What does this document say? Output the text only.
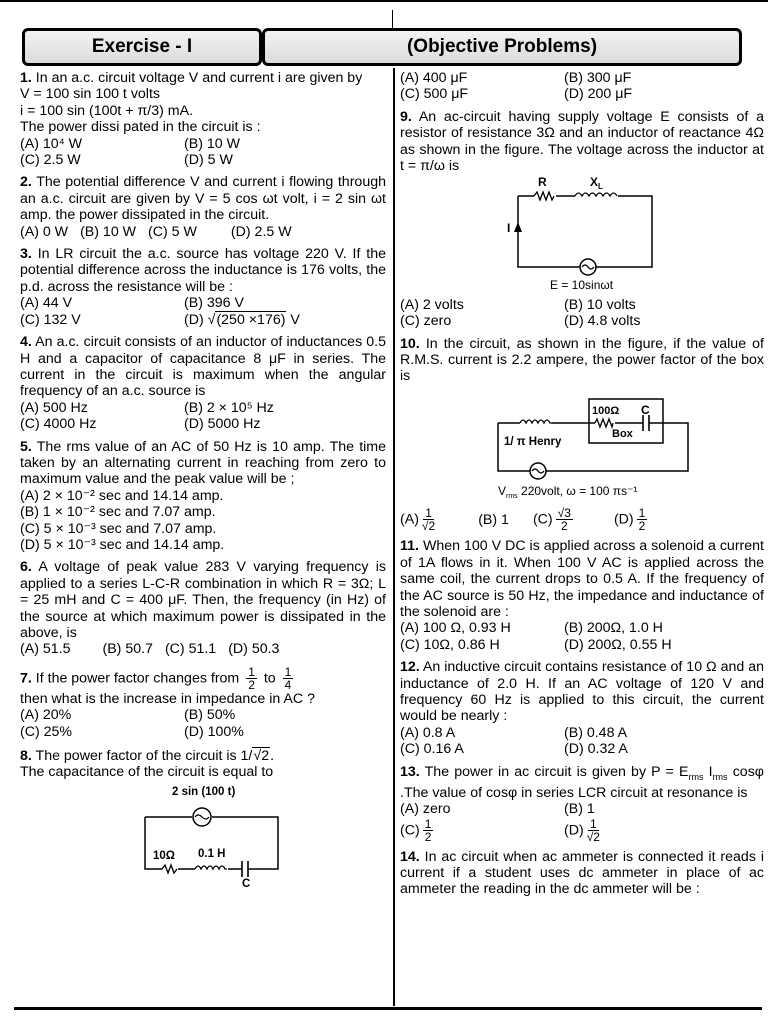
Exercise - I	(Objective Problems)

1. In an a.c. circuit voltage V and current i are given by

V = 100 sin 100 t volts

i = 100 sin (100t + π/3) mA.

The power dissi pated in the circuit is :

(A) 10⁴ W	(B) 10 W
(C) 2.5 W	(D) 5 W

2. The potential difference V and current i flowing through an a.c. circuit are given by V = 5 cos ωt volt, i = 2 sin ωt amp. the power dissipated in the circuit.

(A) 0 W (B) 10 W (C) 5 W (D) 2.5 W

3. In LR circuit the a.c. source has voltage 220 V. If the potential difference across the inductance is 176 volts, the p.d. across the resistance will be :

(A) 44 V	(B) 396 V
(C) 132 V	(D) √(250 ×176) V

4. An a.c. circuit consists of an inductor of inductances 0.5 H and a capacitor of capacitance 8 μF in series. The current in the circuit is maximum when the angular frequency of an a.c. source is

(A) 500 Hz	(B) 2 × 10⁵ Hz
(C) 4000 Hz	(D) 5000 Hz

5. The rms value of an AC of 50 Hz is 10 amp. The time taken by an alternating current in reaching from zero to maximum value and the peak value will be ;

(A) 2 × 10⁻² sec and 14.14 amp.

(B) 1 × 10⁻² sec and 7.07 amp.

(C) 5 × 10⁻³ sec and 7.07 amp.

(D) 5 × 10⁻³ sec and 14.14 amp.

6. A voltage of peak value 283 V varying frequency is applied to a series L-C-R combination in which R = 3Ω; L = 25 mH and C = 400 μF. Then, the frequency (in Hz) of the source at which maximum power is dissipated in the above, is

(A) 51.5 (B) 50.7 (C) 51.1 (D) 50.3

7. If the power factor changes from $\frac{1}{2}$ to $\frac{1}{4}$

then what is the increase in impedance in AC ?

(A) 20%	(B) 50%
(C) 25%	(D) 100%

8. The power factor of the circuit is 1/√2.

The capacitance of the circuit is equal to

2 sin (100 t)
10Ω 0.1 H
C
(A) 400 μF	(B) 300 μF
(C) 500 μF	(D) 200 μF

9. An ac-circuit having supply voltage E consists of a resistor of resistance 3Ω and an inductor of reactance 4Ω as shown in the figure. The voltage across the inductor at t = π/ω is

R	$X_L$
I
E = 10sinωt
(A) 2 volts	(B) 10 volts
(C) zero	(D) 4.8 volts

10. In the circuit, as shown in the figure, if the value of R.M.S. current is 2.2 ampere, the power factor of the box is

100Ω C
Box
1/ π Henry
$V_{rms}$ 220volt, ω = 100 πs⁻¹
$(A) \frac{1}{√2}$	(B) 1 $(C) \frac{√3}{2}$	$(D) \frac{1}{2}$

11. When 100 V DC is applied across a solenoid a current of 1A flows in it. When 100 V AC is applied across the same coil, the current drops to 0.5 A. If the frequency of the AC source is 50 Hz, the impedance and inductance of the solenoid are :

(A) 100 Ω, 0.93 H	(B) 200Ω, 1.0 H
(C) 10Ω, 0.86 H	(D) 200Ω, 0.55 H

12. An inductive circuit contains resistance of 10 Ω and an inductance of 2.0 H. If an AC voltage of 120 V and frequency 60 Hz is applied to this circuit, the current would be nearly :

(A) 0.8 A	(B) 0.48 A
(C) 0.16 A	(D) 0.32 A

13. The power in ac circuit is given by $P = E_{rms}$ $I_{rms}$ cosφ .The value of cosφ in series LCR circuit at resonance is

(A) zero	(B) 1
$(C) \frac{1}{2}$	$(D) \frac{1}{√2}$

14. In ac circuit when ac ammeter is connected it reads i current if a student uses dc ammeter in place of ac ammeter the reading in the dc ammeter will be :
